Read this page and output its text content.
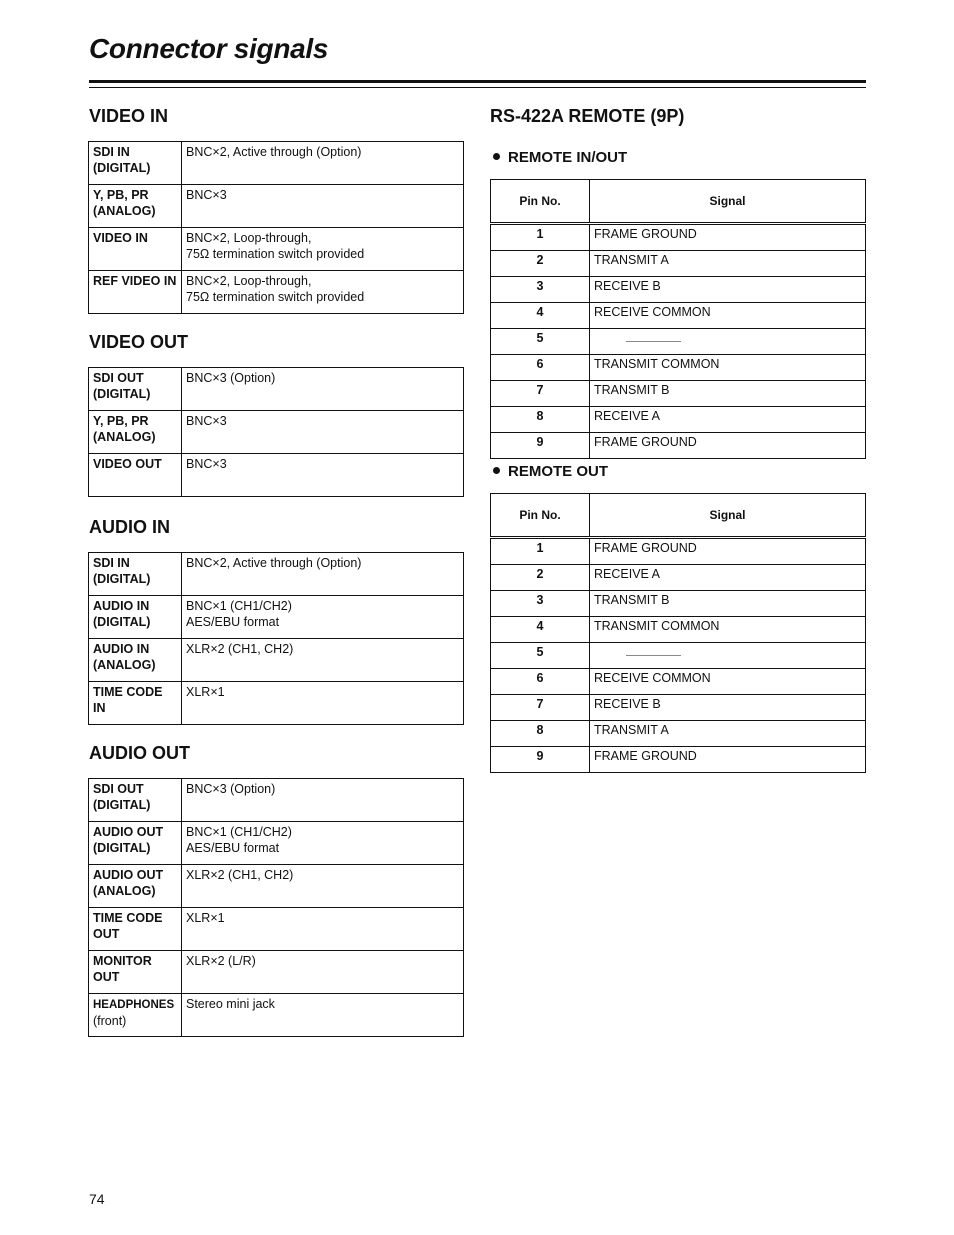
Connector signals
VIDEO IN
SDI IN
(DIGITAL)	BNC×2, Active through (Option)

Y, PB, PR
(ANALOG)	BNC×3

VIDEO IN	BNC×2, Loop-through,
75Ω termination switch provided
REF VIDEO IN	BNC×2, Loop-through,
75Ω termination switch provided
VIDEO OUT
SDI OUT
(DIGITAL)	BNC×3 (Option)

Y, PB, PR
(ANALOG)	BNC×3

VIDEO OUT	BNC×3

AUDIO IN
SDI IN
(DIGITAL)	BNC×2, Active through (Option)

AUDIO IN
(DIGITAL)	BNC×1 (CH1/CH2)
AES/EBU format
AUDIO IN
(ANALOG)	XLR×2 (CH1, CH2)

TIME CODE
IN	XLR×1

AUDIO OUT
SDI OUT
(DIGITAL)	BNC×3 (Option)

AUDIO OUT
(DIGITAL)	BNC×1 (CH1/CH2)
AES/EBU format
AUDIO OUT
(ANALOG)	XLR×2 (CH1, CH2)

TIME CODE
OUT	XLR×1

MONITOR
OUT	XLR×2 (L/R)

HEADPHONES
(front)	Stereo mini jack

RS-422A REMOTE (9P)
REMOTE IN/OUT
Pin No.	Signal
1	FRAME GROUND
2	TRANSMIT A
3	RECEIVE B
4	RECEIVE COMMON
5	
6	TRANSMIT COMMON
7	TRANSMIT B
8	RECEIVE A
9	FRAME GROUND
REMOTE OUT
Pin No.	Signal
1	FRAME GROUND
2	RECEIVE A
3	TRANSMIT B
4	TRANSMIT COMMON
5	
6	RECEIVE COMMON
7	RECEIVE B
8	TRANSMIT A
9	FRAME GROUND
74
